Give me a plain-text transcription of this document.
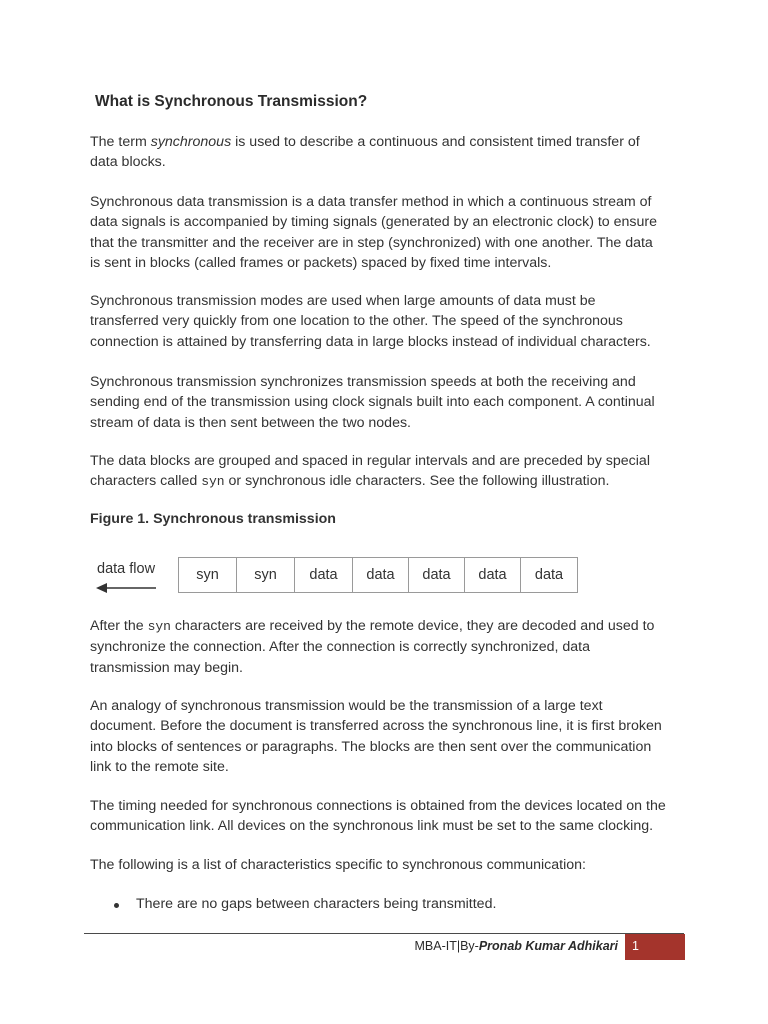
What is Synchronous Transmission?
The term synchronous is used to describe a continuous and consistent timed transfer of
data blocks.
Synchronous data transmission is a data transfer method in which a continuous stream of
data signals is accompanied by timing signals (generated by an electronic clock) to ensure
that the transmitter and the receiver are in step (synchronized) with one another. The data
is sent in blocks (called frames or packets) spaced by fixed time intervals.
Synchronous transmission modes are used when large amounts of data must be
transferred very quickly from one location to the other. The speed of the synchronous
connection is attained by transferring data in large blocks instead of individual characters.
Synchronous transmission synchronizes transmission speeds at both the receiving and
sending end of the transmission using clock signals built into each component. A continual
stream of data is then sent between the two nodes.
The data blocks are grouped and spaced in regular intervals and are preceded by special
characters called syn or synchronous idle characters. See the following illustration.
Figure 1. Synchronous transmission
data flow	syn	syn	data	data	data	data	data
After the syn characters are received by the remote device, they are decoded and used to
synchronize the connection. After the connection is correctly synchronized, data
transmission may begin.
An analogy of synchronous transmission would be the transmission of a large text
document. Before the document is transferred across the synchronous line, it is first broken
into blocks of sentences or paragraphs. The blocks are then sent over the communication
link to the remote site.
The timing needed for synchronous connections is obtained from the devices located on the
communication link. All devices on the synchronous link must be set to the same clocking.
The following is a list of characteristics specific to synchronous communication:
There are no gaps between characters being transmitted.
MBA-IT|By-Pronab Kumar Adhikari	1
